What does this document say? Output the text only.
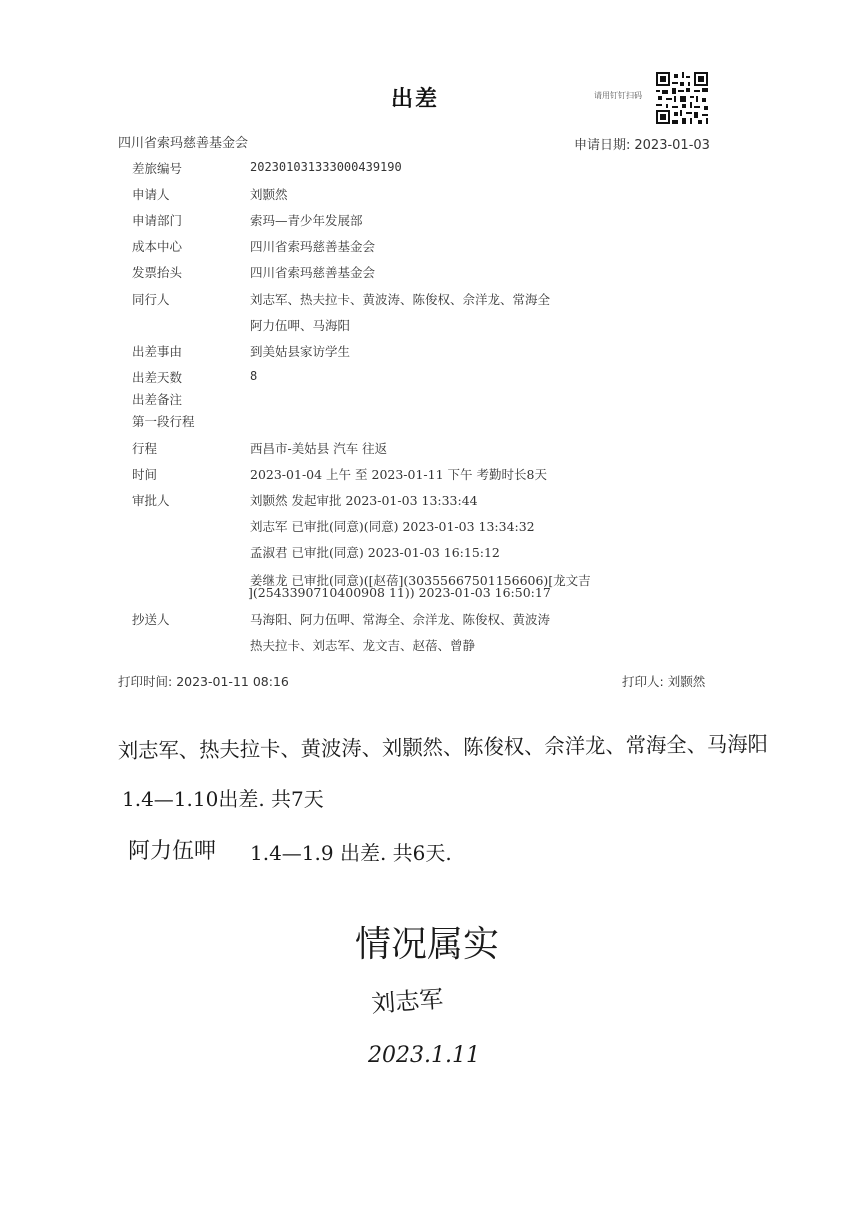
出差	请用钉钉扫码
四川省索玛慈善基金会	申请日期: 2023-01-03
差旅编号	202301031333000439190
申请人	刘颢然
申请部门	索玛—青少年发展部
成本中心	四川省索玛慈善基金会
发票抬头	四川省索玛慈善基金会
同行人	刘志军、热夫拉卡、黄波涛、陈俊权、佘洋龙、常海全
阿力伍呷、马海阳
出差事由	到美姑县家访学生
出差天数	8
出差备注
第一段行程
行程	西昌市-美姑县 汽车 往返
时间	2023-01-04 上午 至 2023-01-11 下午 考勤时长8天
审批人	刘颢然 发起审批 2023-01-03 13:33:44
刘志军 已审批(同意)(同意) 2023-01-03 13:34:32
孟淑君 已审批(同意) 2023-01-03 16:15:12
姜继龙 已审批(同意)([赵蓓](30355667501156606)[龙文吉
](2543390710400908 11)) 2023-01-03 16:50:17
抄送人	马海阳、阿力伍呷、常海全、佘洋龙、陈俊权、黄波涛
热夫拉卡、刘志军、龙文吉、赵蓓、曾静
打印时间: 2023-01-11 08:16	打印人: 刘颢然
刘志军、热夫拉卡、黄波涛、刘颢然、陈俊权、佘洋龙、常海全、马海阳
1.4—1.10出差. 共7天
阿力伍呷 1.4—1.9 出差. 共6天.
情况属实
刘志军
2023.1.11
